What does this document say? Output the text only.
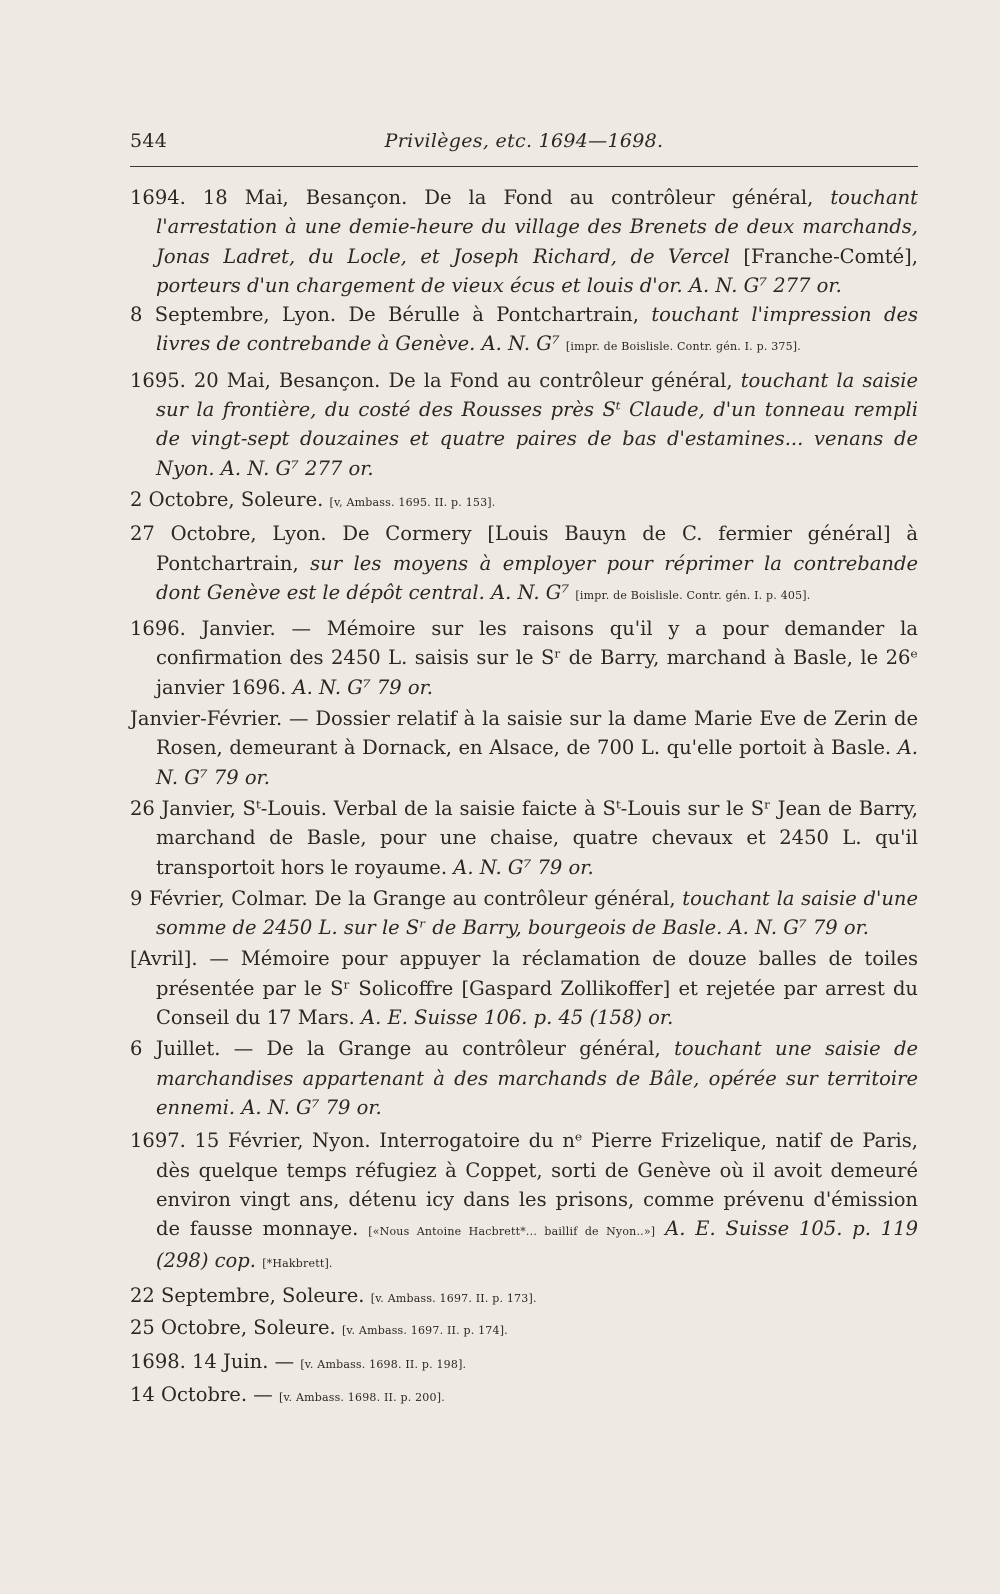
544	Privilèges, etc. 1694—1698.

1694. 18 Mai, Besançon. De la Fond au contrôleur général, touchant l'arrestation à une demie-heure du village des Brenets de deux marchands, Jonas Ladret, du Locle, et Joseph Richard, de Vercel [Franche-Comté], porteurs d'un chargement de vieux écus et louis d'or. A. N. G⁷ 277 or.

8 Septembre, Lyon. De Bérulle à Pontchartrain, touchant l'impression des livres de contrebande à Genève. A. N. G⁷ [impr. de Boislisle. Contr. gén. I. p. 375].

1695. 20 Mai, Besançon. De la Fond au contrôleur général, touchant la saisie sur la frontière, du costé des Rousses près Sᵗ Claude, d'un tonneau rempli de vingt-sept douzaines et quatre paires de bas d'estamines... venans de Nyon. A. N. G⁷ 277 or.

2 Octobre, Soleure. [v, Ambass. 1695. II. p. 153].

27 Octobre, Lyon. De Cormery [Louis Bauyn de C. fermier général] à Pontchartrain, sur les moyens à employer pour réprimer la contrebande dont Genève est le dépôt central. A. N. G⁷ [impr. de Boislisle. Contr. gén. I. p. 405].

1696. Janvier. — Mémoire sur les raisons qu'il y a pour demander la confirmation des 2450 L. saisis sur le Sʳ de Barry, marchand à Basle, le 26ᵉ janvier 1696. A. N. G⁷ 79 or.

Janvier-Février. — Dossier relatif à la saisie sur la dame Marie Eve de Zerin de Rosen, demeurant à Dornack, en Alsace, de 700 L. qu'elle portoit à Basle. A. N. G⁷ 79 or.

26 Janvier, Sᵗ-Louis. Verbal de la saisie faicte à Sᵗ-Louis sur le Sʳ Jean de Barry, marchand de Basle, pour une chaise, quatre chevaux et 2450 L. qu'il transportoit hors le royaume. A. N. G⁷ 79 or.

9 Février, Colmar. De la Grange au contrôleur général, touchant la saisie d'une somme de 2450 L. sur le Sʳ de Barry, bourgeois de Basle. A. N. G⁷ 79 or.

[Avril]. — Mémoire pour appuyer la réclamation de douze balles de toiles présentée par le Sʳ Solicoffre [Gaspard Zollikoffer] et rejetée par arrest du Conseil du 17 Mars. A. E. Suisse 106. p. 45 (158) or.

6 Juillet. — De la Grange au contrôleur général, touchant une saisie de marchandises appartenant à des marchands de Bâle, opérée sur territoire ennemi. A. N. G⁷ 79 or.

1697. 15 Février, Nyon. Interrogatoire du nᵉ Pierre Frizelique, natif de Paris, dès quelque temps réfugiez à Coppet, sorti de Genève où il avoit demeuré environ vingt ans, détenu icy dans les prisons, comme prévenu d'émission de fausse monnaye. [«Nous Antoine Hacbrett*... baillif de Nyon..»] A. E. Suisse 105. p. 119 (298) cop. [*Hakbrett].

22 Septembre, Soleure. [v. Ambass. 1697. II. p. 173].

25 Octobre, Soleure. [v. Ambass. 1697. II. p. 174].

1698. 14 Juin. — [v. Ambass. 1698. II. p. 198].

14 Octobre. — [v. Ambass. 1698. II. p. 200].
